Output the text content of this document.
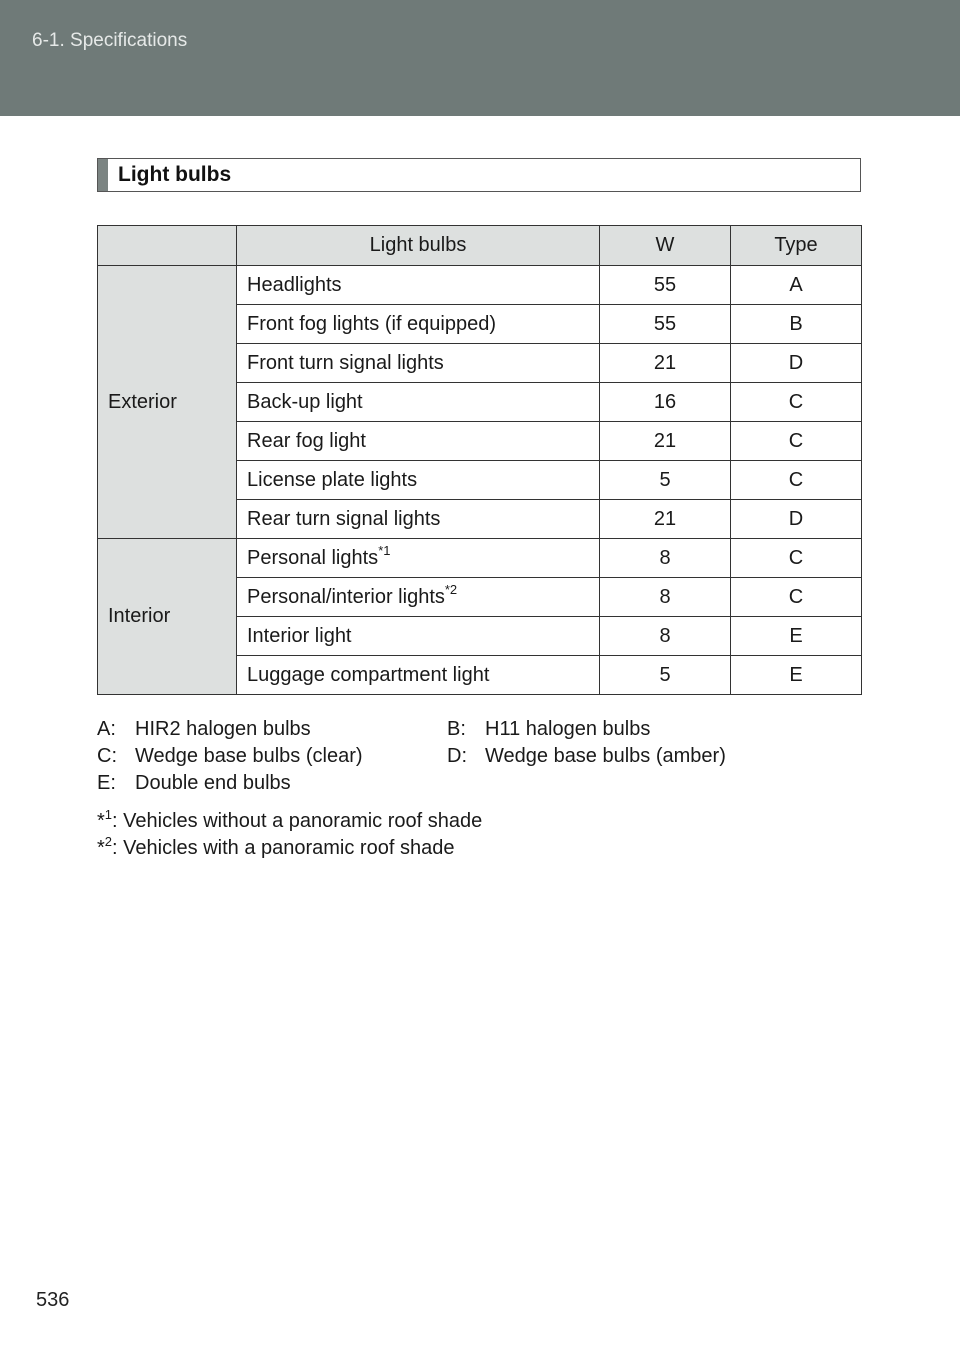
6-1. Specifications
Light bulbs
	Light bulbs	W	Type
Exterior	Headlights	55	A
	Front fog lights (if equipped)	55	B
	Front turn signal lights	21	D
	Back-up light	16	C
	Rear fog light	21	C
	License plate lights	5	C
	Rear turn signal lights	21	D
Interior	Personal lights$^{*1}$	8	C
	Personal/interior lights$^{*2}$	8	C
	Interior light	8	E
	Luggage compartment light	5	E
A: HIR2 halogen bulbs	B: H11 halogen bulbs
C: Wedge base bulbs (clear)	D: Wedge base bulbs (amber)
E: Double end bulbs
*$^1$: Vehicles without a panoramic roof shade
*$^2$: Vehicles with a panoramic roof shade
536
